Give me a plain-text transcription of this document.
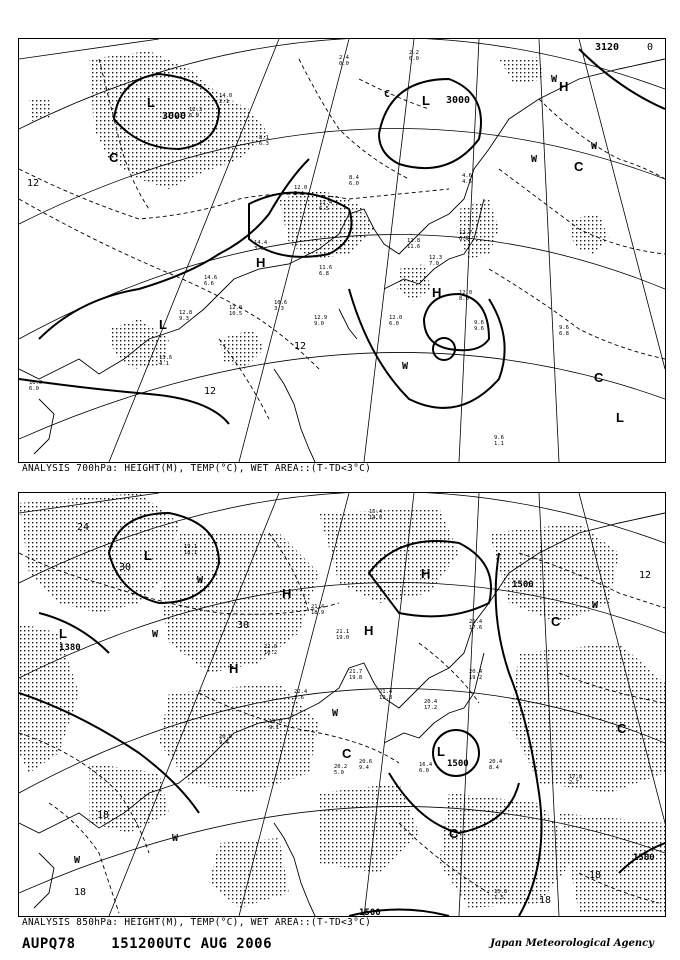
12.3
6.9
14.0
2.1
12.0
5.4
11.4
6.5
8.4
6.0
14.4
3.5
14.6
6.6
10.6
3.3
11.6
6.8
12.8
11.6
12.3
7.0
12.7
6.5
12.0
8.0
12.0
6.0
12.9
9.0
13.6
4.1
12.8
9.3
12.0
10.5
9.6
9.6	9.6
6.8
10.0
6.0
9.6
1.1
4.6
4.5
8.1
6.3
2.4
0.0
2.2
0.0
3000
3000
3120
12
12
12
0
H
H
H
L	L
L
L
C
C
C
W
W
W
W
C
ANALYSIS 700hPa: HEIGHT(M), TEMP(°C), WET AREA::(T-TD<3°C)
19.1
18.1
21.4
18.9
21.1
19.0
22.0
10.2
21.7
19.8
22.4
3.6
21.4
19.8
20.4
17.2
20.4
19.2
19.0
9.1
20.0
9.4
20.2
5.0
20.6
9.4
20.4
8.4
17.0
2.7
16.4
6.0
15.8
1.5
21.4
17.6
15.4
14.0
1500
1380
1500
1500
1500
24
30
30
18
18
18
12
18
H
H
H
H
L
L
L
C
C
C
C
W
W
W
W
W
W
ANALYSIS 850hPa: HEIGHT(M), TEMP(°C), WET AREA::(T-TD<3°C)
AUPQ78	151200UTC AUG 2006	Japan Meteorological Agency
